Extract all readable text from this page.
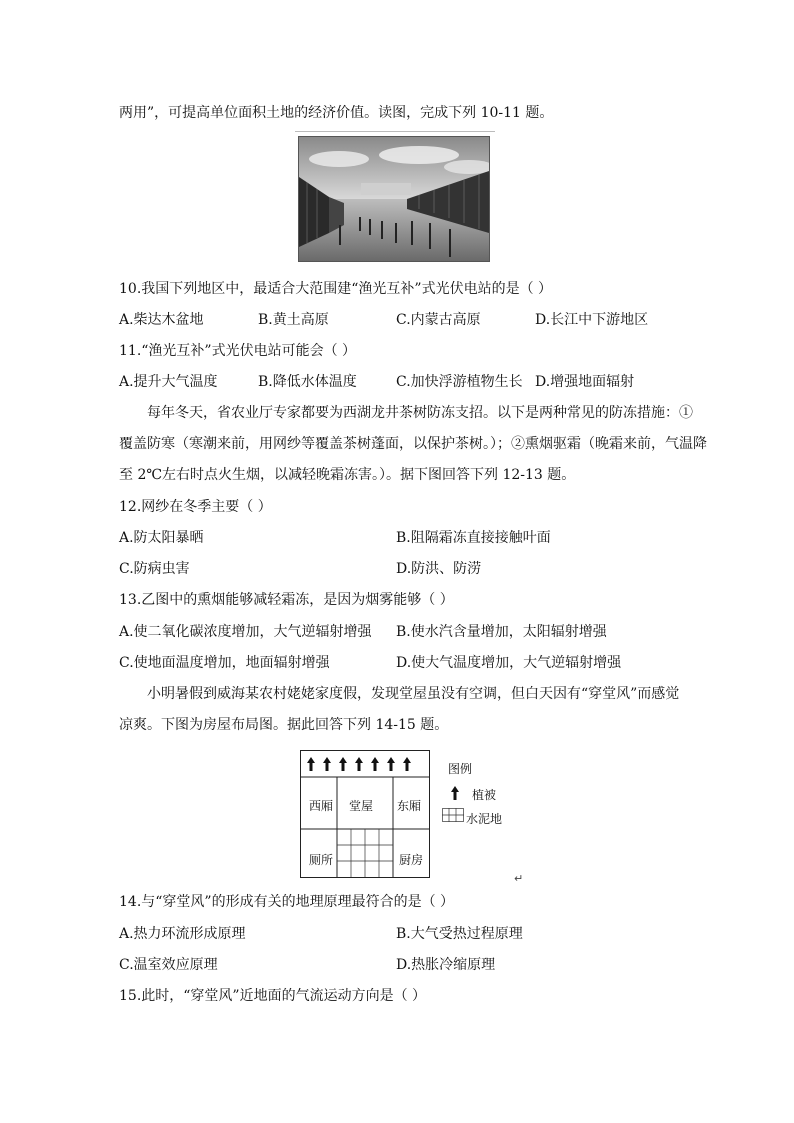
两用”，可提高单位面积土地的经济价值。读图，完成下列 10-11 题。
10.我国下列地区中，最适合大范围建“渔光互补”式光伏电站的是（ ）
A.柴达木盆地	B.黄土高原	C.内蒙古高原	D.长江中下游地区
11.“渔光互补”式光伏电站可能会（ ）
A.提升大气温度	B.降低水体温度	C.加快浮游植物生长 D.增强地面辐射
每年冬天，省农业厅专家都要为西湖龙井茶树防冻支招。以下是两种常见的防冻措施：①
覆盖防寒（寒潮来前，用网纱等覆盖茶树蓬面，以保护茶树。）；②熏烟驱霜（晚霜来前，气温降
至 2℃左右时点火生烟，以减轻晚霜冻害。）。据下图回答下列 12-13 题。
12.网纱在冬季主要（ ）
A.防太阳暴晒	B.阻隔霜冻直接接触叶面
C.防病虫害	D.防洪、防涝
13.乙图中的熏烟能够减轻霜冻，是因为烟雾能够（ ）
A.使二氧化碳浓度增加，大气逆辐射增强 B.使水汽含量增加，太阳辐射增强
C.使地面温度增加，地面辐射增强	D.使大气温度增加，大气逆辐射增强
小明暑假到威海某农村姥姥家度假，发现堂屋虽没有空调，但白天因有“穿堂风”而感觉
凉爽。下图为房屋布局图。据此回答下列 14-15 题。
西厢 堂屋 东厢
厕所	厨房
图例
植被
水泥地
↵
14.与“穿堂风”的形成有关的地理原理最符合的是（ ）
A.热力环流形成原理	B.大气受热过程原理
C.温室效应原理	D.热胀冷缩原理
15.此时，“穿堂风”近地面的气流运动方向是（ ）
